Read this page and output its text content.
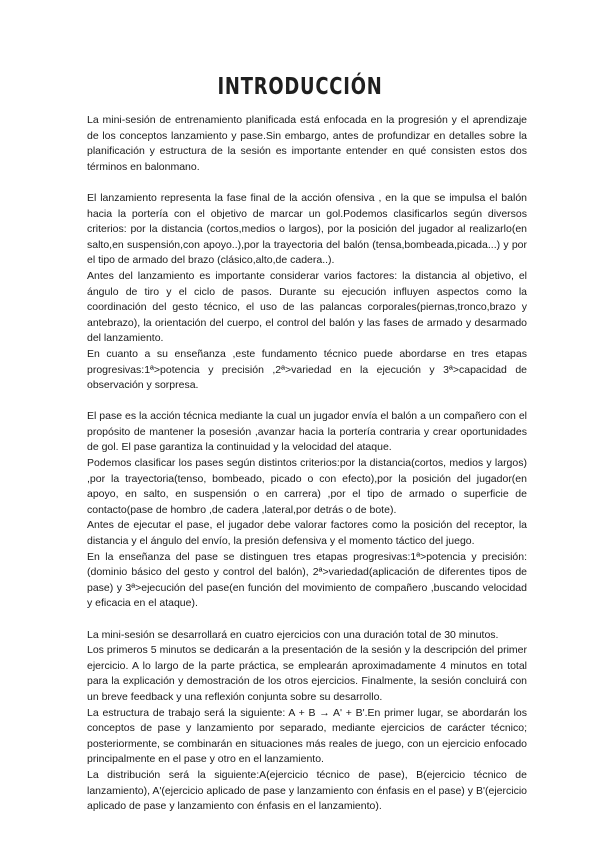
INTRODUCCIÓN

La mini-sesión de entrenamiento planificada está enfocada en la progresión y el aprendizaje de los conceptos lanzamiento y pase.Sin embargo, antes de profundizar en detalles sobre la planificación y estructura de la sesión es importante entender en qué consisten estos dos términos en balonmano.

El lanzamiento representa la fase final de la acción ofensiva , en la que se impulsa el balón hacia la portería con el objetivo de marcar un gol.Podemos clasificarlos según diversos criterios: por la distancia (cortos,medios o largos), por la posición del jugador al realizarlo(en salto,en suspensión,con apoyo..),por la trayectoria del balón (tensa,bombeada,picada...) y por el tipo de armado del brazo (clásico,alto,de cadera..).

Antes del lanzamiento es importante considerar varios factores: la distancia al objetivo, el ángulo de tiro y el ciclo de pasos. Durante su ejecución influyen aspectos como la coordinación del gesto técnico, el uso de las palancas corporales(piernas,tronco,brazo y antebrazo), la orientación del cuerpo, el control del balón y las fases de armado y desarmado del lanzamiento.

En cuanto a su enseñanza ,este fundamento técnico puede abordarse en tres etapas progresivas:1ª>potencia y precisión ,2ª>variedad en la ejecución y 3ª>capacidad de observación y sorpresa.

El pase es la acción técnica mediante la cual un jugador envía el balón a un compañero con el propósito de mantener la posesión ,avanzar hacia la portería contraria y crear oportunidades de gol. El pase garantiza la continuidad y la velocidad del ataque.

Podemos clasificar los pases según distintos criterios:por la distancia(cortos, medios y largos) ,por la trayectoria(tenso, bombeado, picado o con efecto),por la posición del jugador(en apoyo, en salto, en suspensión o en carrera) ,por el tipo de armado o superficie de contacto(pase de hombro ,de cadera ,lateral,por detrás o de bote).

Antes de ejecutar el pase, el jugador debe valorar factores como la posición del receptor, la distancia y el ángulo del envío, la presión defensiva y el momento táctico del juego.

En la enseñanza del pase se distinguen tres etapas progresivas:1ª>potencia y precisión: (dominio básico del gesto y control del balón), 2ª>variedad(aplicación de diferentes tipos de pase) y 3ª>ejecución del pase(en función del movimiento de compañero ,buscando velocidad y eficacia en el ataque).

La mini-sesión se desarrollará en cuatro ejercicios con una duración total de 30 minutos.

Los primeros 5 minutos se dedicarán a la presentación de la sesión y la descripción del primer ejercicio. A lo largo de la parte práctica, se emplearán aproximadamente 4 minutos en total para la explicación y demostración de los otros ejercicios. Finalmente, la sesión concluirá con un breve feedback y una reflexión conjunta sobre su desarrollo.

La estructura de trabajo será la siguiente: A + B → A' + B'.En primer lugar, se abordarán los conceptos de pase y lanzamiento por separado, mediante ejercicios de carácter técnico; posteriormente, se combinarán en situaciones más reales de juego, con un ejercicio enfocado principalmente en el pase y otro en el lanzamiento.

La distribución será la siguiente:A(ejercicio técnico de pase), B(ejercicio técnico de lanzamiento), A'(ejercicio aplicado de pase y lanzamiento con énfasis en el pase) y B'(ejercicio aplicado de pase y lanzamiento con énfasis en el lanzamiento).
